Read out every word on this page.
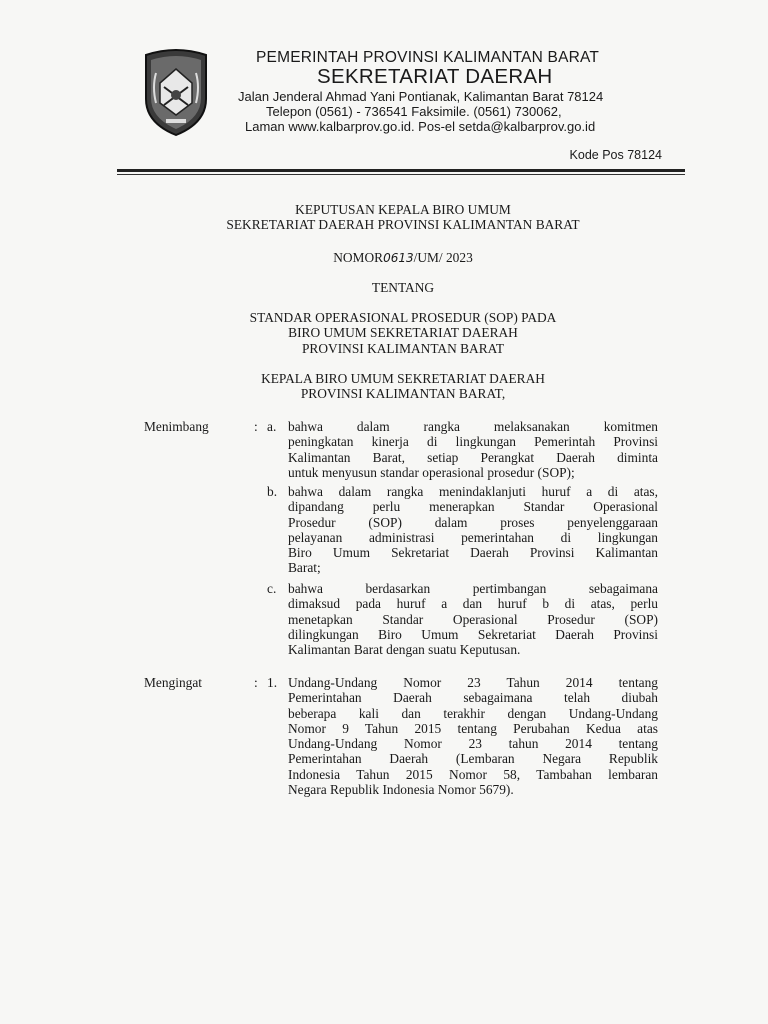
PEMERINTAH PROVINSI KALIMANTAN BARAT
SEKRETARIAT DAERAH
Jalan Jenderal Ahmad Yani Pontianak, Kalimantan Barat 78124
Telepon (0561) - 736541 Faksimile. (0561) 730062,
Laman www.kalbarprov.go.id. Pos-el setda@kalbarprov.go.id
Kode Pos 78124
KEPUTUSAN KEPALA BIRO UMUM
SEKRETARIAT DAERAH PROVINSI KALIMANTAN BARAT
NOMOR0613/UM/ 2023
TENTANG
STANDAR OPERASIONAL PROSEDUR (SOP) PADA
BIRO UMUM SEKRETARIAT DAERAH
PROVINSI KALIMANTAN BARAT
KEPALA BIRO UMUM SEKRETARIAT DAERAH
PROVINSI KALIMANTAN BARAT,
Menimbang	: a. bahwa dalam rangka melaksanakan komitmen
peningkatan kinerja di lingkungan Pemerintah Provinsi
Kalimantan Barat, setiap Perangkat Daerah diminta
untuk menyusun standar operasional prosedur (SOP);
b. bahwa dalam rangka menindaklanjuti huruf a di atas,
dipandang perlu menerapkan Standar Operasional
Prosedur (SOP) dalam proses penyelenggaraan
pelayanan administrasi pemerintahan di lingkungan
Biro Umum Sekretariat Daerah Provinsi Kalimantan
Barat;
c. bahwa berdasarkan pertimbangan sebagaimana
dimaksud pada huruf a dan huruf b di atas, perlu
menetapkan Standar Operasional Prosedur (SOP)
dilingkungan Biro Umum Sekretariat Daerah Provinsi
Kalimantan Barat dengan suatu Keputusan.
Mengingat	: 1. Undang-Undang Nomor 23 Tahun 2014 tentang
Pemerintahan Daerah sebagaimana telah diubah
beberapa kali dan terakhir dengan Undang-Undang
Nomor 9 Tahun 2015 tentang Perubahan Kedua atas
Undang-Undang Nomor 23 tahun 2014 tentang
Pemerintahan Daerah (Lembaran Negara Republik
Indonesia Tahun 2015 Nomor 58, Tambahan lembaran
Negara Republik Indonesia Nomor 5679).
